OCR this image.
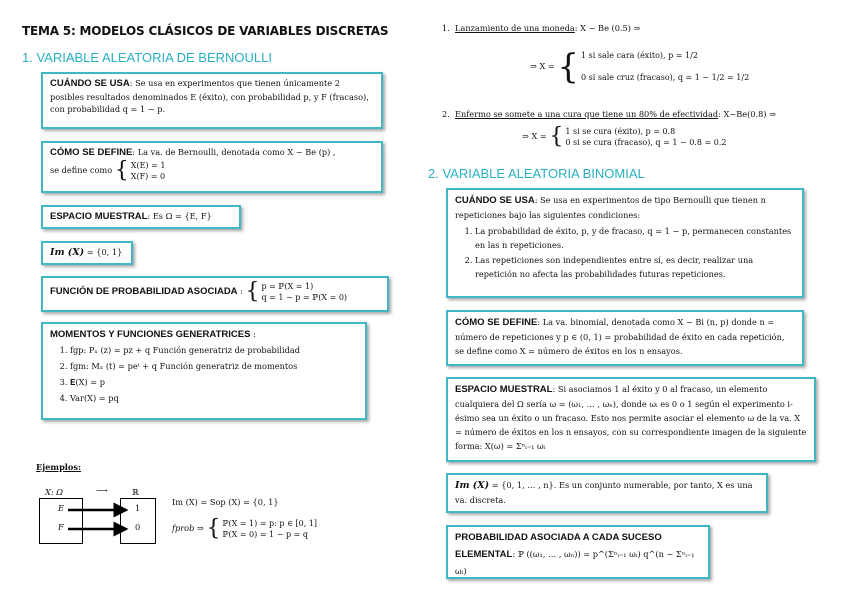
TEMA 5: MODELOS CLÁSICOS DE VARIABLES DISCRETAS
1. VARIABLE ALEATORIA DE BERNOULLI
CUÁNDO SE USA: Se usa en experimentos que tienen únicamente 2 posibles resultados denominados E (éxito), con probabilidad p, y F (fracaso), con probabilidad q = 1 − p.
CÓMO SE DEFINE: La va. de Bernoulli, denotada como X ~ Be (p) ,
se define como { X(E) = 1
X(F) = 0
ESPACIO MUESTRAL: Es Ω = {E, F}
Im (X) = {0, 1}
FUNCIÓN DE PROBABILIDAD ASOCIADA : { p = ℙ(X = 1)
q = 1 − p = ℙ(X = 0)
MOMENTOS Y FUNCIONES GENERATRICES :
1. fgp: Pₓ (z) = pz + q Función generatriz de probabilidad
2. fgm: Mₓ (t) = peᵗ + q Función generatriz de momentos
3. 𝐄(X) = p
4. Var(X) = pq
Ejemplos:
X: Ω	⟶	ℝ
E
F
1
0
Im (X) = Sop (X) = {0, 1}
fprob ⇒ { ℙ(X = 1) = p: p ∈ [0, 1]
ℙ(X = 0) = 1 − p = q
1. Lanzamiento de una moneda: X ~ Be (0.5) ⇒
⇒ X = { 1 si sale cara (éxito), p = 1/2
0 si sale cruz (fracaso), q = 1 − 1/2 = 1/2
2. Enfermo se somete a una cura que tiene un 80% de efectividad: X~Be(0.8) ⇒
⇒ X = { 1 si se cura (éxito), p = 0.8
0 si se cura (fracaso), q = 1 − 0.8 = 0.2
2. VARIABLE ALEATORIA BINOMIAL
CUÁNDO SE USA: Se usa en experimentos de tipo Bernoulli que tienen n repeticiones bajo las siguientes condiciones:
1. La probabilidad de éxito, p, y de fracaso, q = 1 − p, permanecen constantes en las n repeticiones.
2. Las repeticiones son independientes entre sí, es decir, realizar una repetición no afecta las probabilidades futuras repeticiones.
CÓMO SE DEFINE: La va. binomial, denotada como X ~ Bi (n, p) donde n = número de repeticiones y p ∈ (0, 1) = probabilidad de éxito en cada repetición, se define como X = número de éxitos en los n ensayos.
ESPACIO MUESTRAL: Si asociamos 1 al éxito y 0 al fracaso, un elemento cualquiera del Ω sería ω = (ω₁, … , ωₙ), donde ωᵢ es 0 o 1 según el experimento i-ésimo sea un éxito o un fracaso. Esto nos permite asociar el elemento ω de la va. X = número de éxitos en los n ensayos, con su correspondiente imagen de la siguiente forma: X(ω) = Σⁿᵢ₌₁ ωᵢ
Im (X) = {0, 1, … , n}. Es un conjunto numerable, por tanto, X es una va. discreta.
PROBABILIDAD ASOCIADA A CADA SUCESO
ELEMENTAL: ℙ ((ω₁, … , ωₙ)) = p^(Σⁿᵢ₌₁ ωᵢ) q^(n − Σⁿᵢ₌₁ ωᵢ)
